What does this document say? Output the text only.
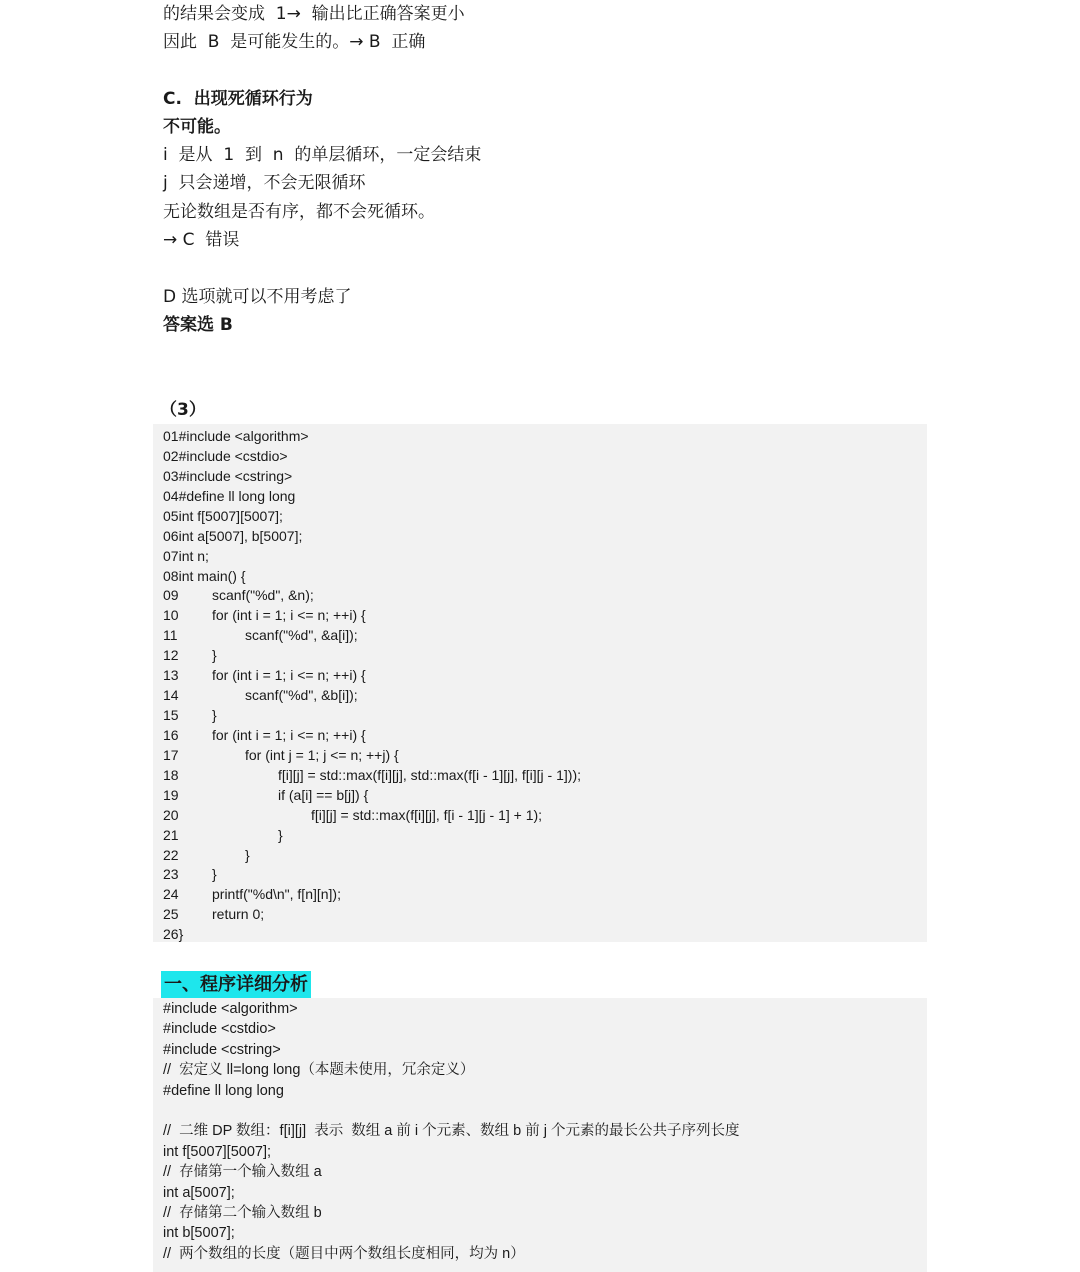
的结果会变成  1→  输出比正确答案更小
因此  B  是可能发生的。→ B  正确
C.  出现死循环行为
不可能。
i  是从  1  到  n  的单层循环，一定会结束
j  只会递增，不会无限循环
无论数组是否有序，都不会死循环。
→ C  错误
D 选项就可以不用考虑了
答案选 B
（3）
01#include <algorithm>
02#include <cstdio>
03#include <cstring>
04#define ll long long
05int f[5007][5007];
06int a[5007], b[5007];
07int n;
08int main() {
09 scanf("%d", &n);
10 for (int i = 1; i <= n; ++i) {
11	scanf("%d", &a[i]);
12 }
13 for (int i = 1; i <= n; ++i) {
14	scanf("%d", &b[i]);
15 }
16 for (int i = 1; i <= n; ++i) {
17	for (int j = 1; j <= n; ++j) {
18	f[i][j] = std::max(f[i][j], std::max(f[i - 1][j], f[i][j - 1]));
19	if (a[i] == b[j]) {
20	f[i][j] = std::max(f[i][j], f[i - 1][j - 1] + 1);
21	}
22	}
23 }
24 printf("%d\n", f[n][n]);
25 return 0;
26}
一、程序详细分析
#include <algorithm>
#include <cstdio>
#include <cstring>
//  宏定义 ll=long long（本题未使用，冗余定义）
#define ll long long
//  二维 DP 数组：f[i][j]  表示  数组 a 前 i 个元素、数组 b 前 j 个元素的最长公共子序列长度
int f[5007][5007];
//  存储第一个输入数组 a
int a[5007];
//  存储第二个输入数组 b
int b[5007];
//  两个数组的长度（题目中两个数组长度相同，均为 n）
